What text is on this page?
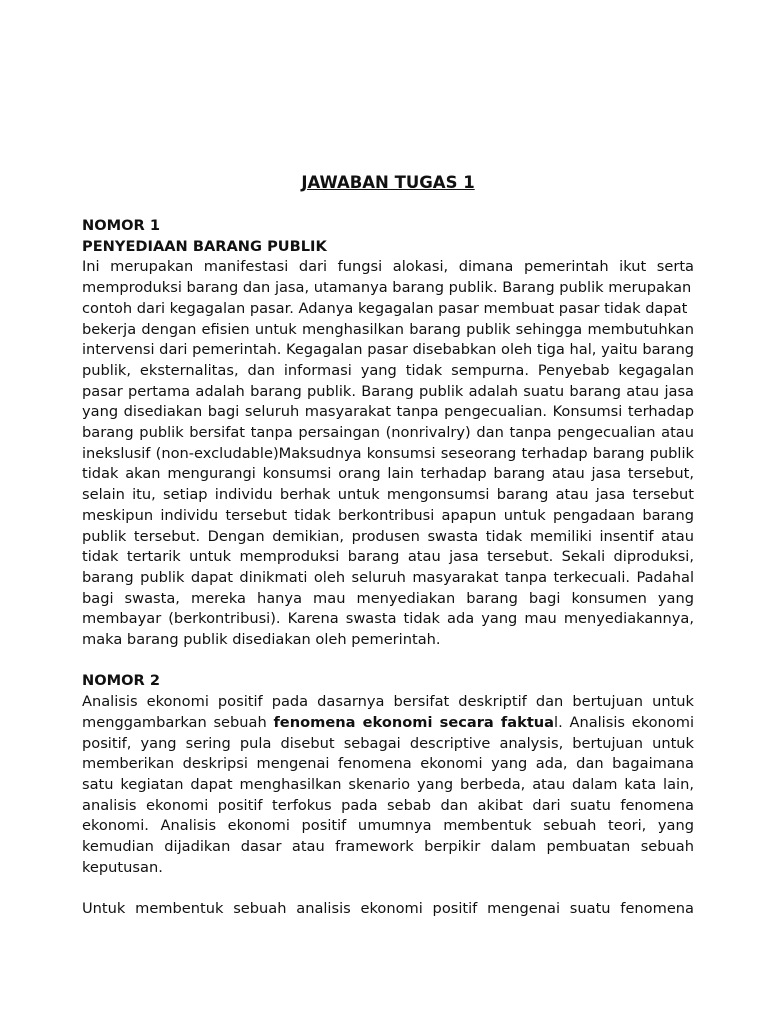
JAWABAN TUGAS 1
NOMOR 1
PENYEDIAAN BARANG PUBLIK

Ini merupakan manifestasi dari fungsi alokasi, dimana pemerintah ikut serta memproduksi barang dan jasa, utamanya barang publik. Barang publik merupakan

contoh dari kegagalan pasar. Adanya kegagalan pasar membuat pasar tidak dapat

bekerja dengan efisien untuk menghasilkan barang publik sehingga membutuhkan intervensi dari pemerintah. Kegagalan pasar disebabkan oleh tiga hal, yaitu barang publik, eksternalitas, dan informasi yang tidak sempurna. Penyebab kegagalan pasar pertama adalah barang publik. Barang publik adalah suatu barang atau jasa yang disediakan bagi seluruh masyarakat tanpa pengecualian. Konsumsi terhadap barang publik bersifat tanpa persaingan (nonrivalry) dan tanpa pengecualian atau inekslusif (non-excludable)Maksudnya konsumsi seseorang terhadap barang publik tidak akan mengurangi konsumsi orang lain terhadap barang atau jasa tersebut, selain itu, setiap individu berhak untuk mengonsumsi barang atau jasa tersebut meskipun individu tersebut tidak berkontribusi apapun untuk pengadaan barang publik tersebut. Dengan demikian, produsen swasta tidak memiliki insentif atau tidak tertarik untuk memproduksi barang atau jasa tersebut. Sekali diproduksi, barang publik dapat dinikmati oleh seluruh masyarakat tanpa terkecuali. Padahal bagi swasta, mereka hanya mau menyediakan barang bagi konsumen yang membayar (berkontribusi). Karena swasta tidak ada yang mau menyediakannya, maka barang publik disediakan oleh pemerintah.

NOMOR 2

Analisis ekonomi positif pada dasarnya bersifat deskriptif dan bertujuan untuk menggambarkan sebuah fenomena ekonomi secara faktual. Analisis ekonomi positif, yang sering pula disebut sebagai descriptive analysis, bertujuan untuk memberikan deskripsi mengenai fenomena ekonomi yang ada, dan bagaimana satu kegiatan dapat menghasilkan skenario yang berbeda, atau dalam kata lain, analisis ekonomi positif terfokus pada sebab dan akibat dari suatu fenomena ekonomi. Analisis ekonomi positif umumnya membentuk sebuah teori, yang kemudian dijadikan dasar atau framework berpikir dalam pembuatan sebuah keputusan.

Untuk membentuk sebuah analisis ekonomi positif mengenai suatu fenomena
